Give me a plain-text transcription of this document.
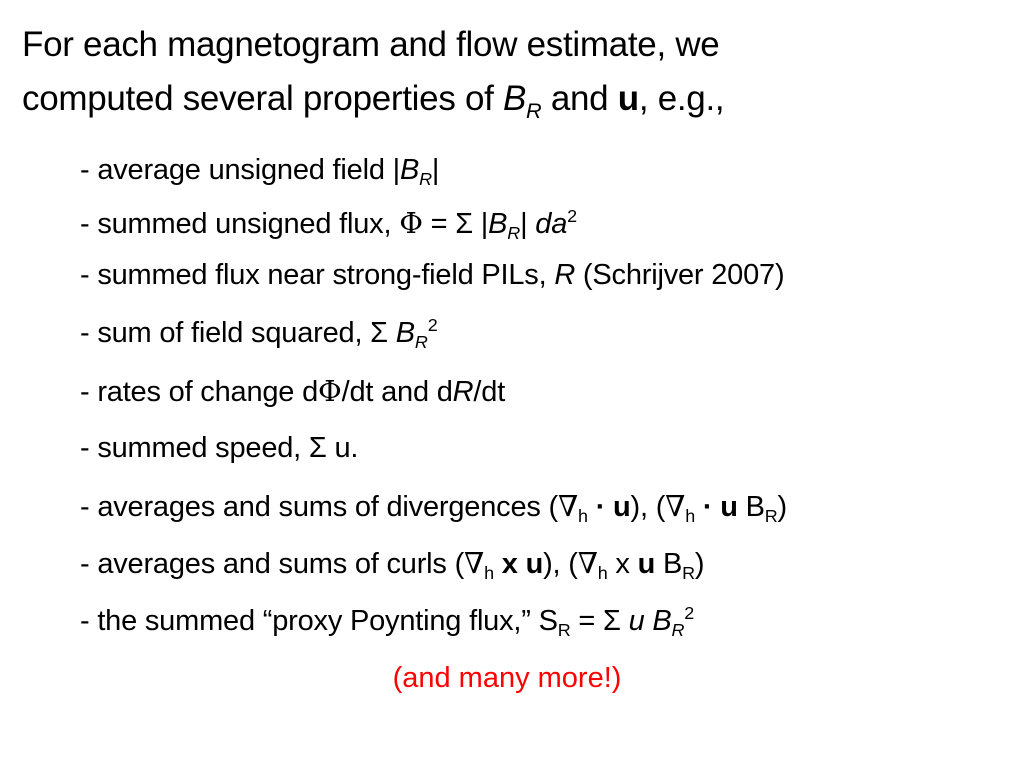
For each magnetogram and flow estimate, we
computed several properties of $B_R$ and u, e.g.,
- average unsigned field $|B_R|$
- summed unsigned flux, Φ = Σ $|B_R|$ $da^2$
- summed flux near strong-field PILs, R (Schrijver 2007)
- sum of field squared, Σ $B_R^2$
- rates of change dΦ/dt and dR/dt
- summed speed, Σ u.
- averages and sums of divergences $(\nabla_h \cdot u)$, ($\nabla_h \cdot u$ $B_R$)
- averages and sums of curls ($\nabla_h$ x u), ($\nabla_h$ x u $B_R$)
- the summed “proxy Poynting flux,” $S_R = \Sigma$ u $B_R^2$
(and many more!)
